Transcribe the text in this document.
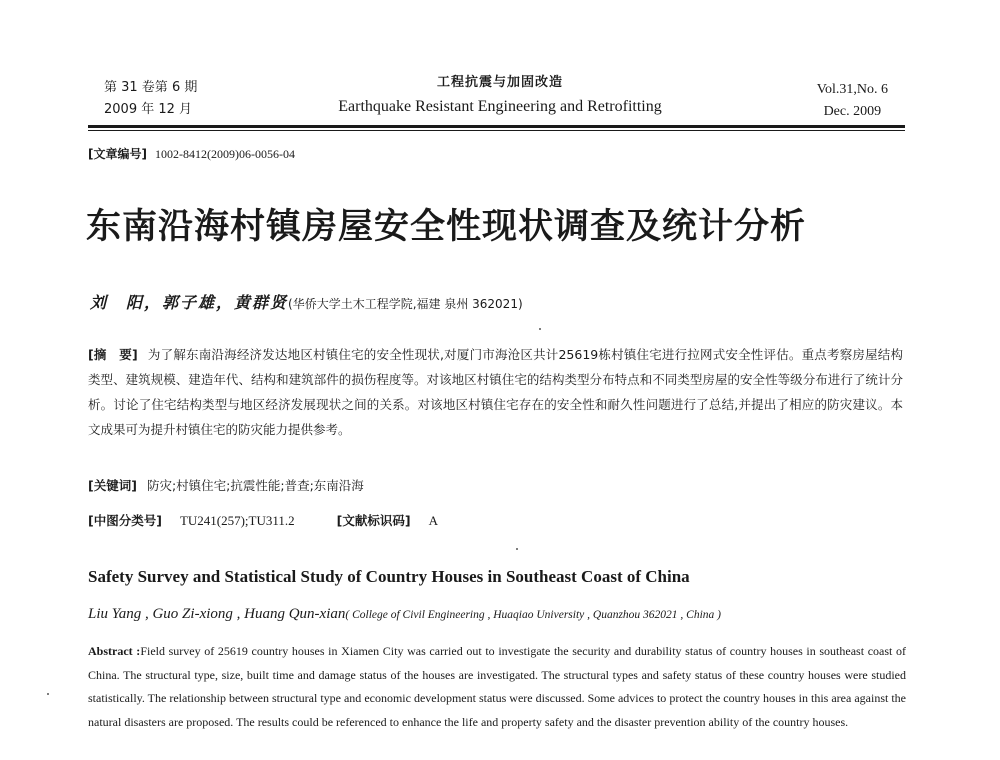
第 31 卷第 6 期
2009 年 12 月
工程抗震与加固改造
Earthquake Resistant Engineering and Retrofitting
Vol.31,No. 6
Dec. 2009
[文章编号] 1002-8412(2009)06-0056-04
东南沿海村镇房屋安全性现状调查及统计分析
刘　阳，郭子雄，黄群贤(华侨大学土木工程学院,福建 泉州 362021)
[摘　要] 为了解东南沿海经济发达地区村镇住宅的安全性现状,对厦门市海沧区共计25619栋村镇住宅进行拉网式安全性评估。重点考察房屋结构类型、建筑规模、建造年代、结构和建筑部件的损伤程度等。对该地区村镇住宅的结构类型分布特点和不同类型房屋的安全性等级分布进行了统计分析。讨论了住宅结构类型与地区经济发展现状之间的关系。对该地区村镇住宅存在的安全性和耐久性问题进行了总结,并提出了相应的防灾建议。本文成果可为提升村镇住宅的防灾能力提供参考。
[关键词] 防灾;村镇住宅;抗震性能;普查;东南沿海
[中图分类号] TU241(257);TU311.2	[文献标识码] A
Safety Survey and Statistical Study of Country Houses in Southeast Coast of China
Liu Yang , Guo Zi-xiong , Huang Qun-xian( College of Civil Engineering , Huaqiao University , Quanzhou 362021 , China )
Abstract :Field survey of 25619 country houses in Xiamen City was carried out to investigate the security and durability status of country houses in southeast coast of China. The structural type, size, built time and damage status of the houses are investigated. The structural types and safety status of these country houses were studied statistically. The relationship between structural type and economic development status were discussed. Some advices to protect the country houses in this area against the natural disasters are proposed. The results could be referenced to enhance the life and property safety and the disaster prevention ability of the country houses.
